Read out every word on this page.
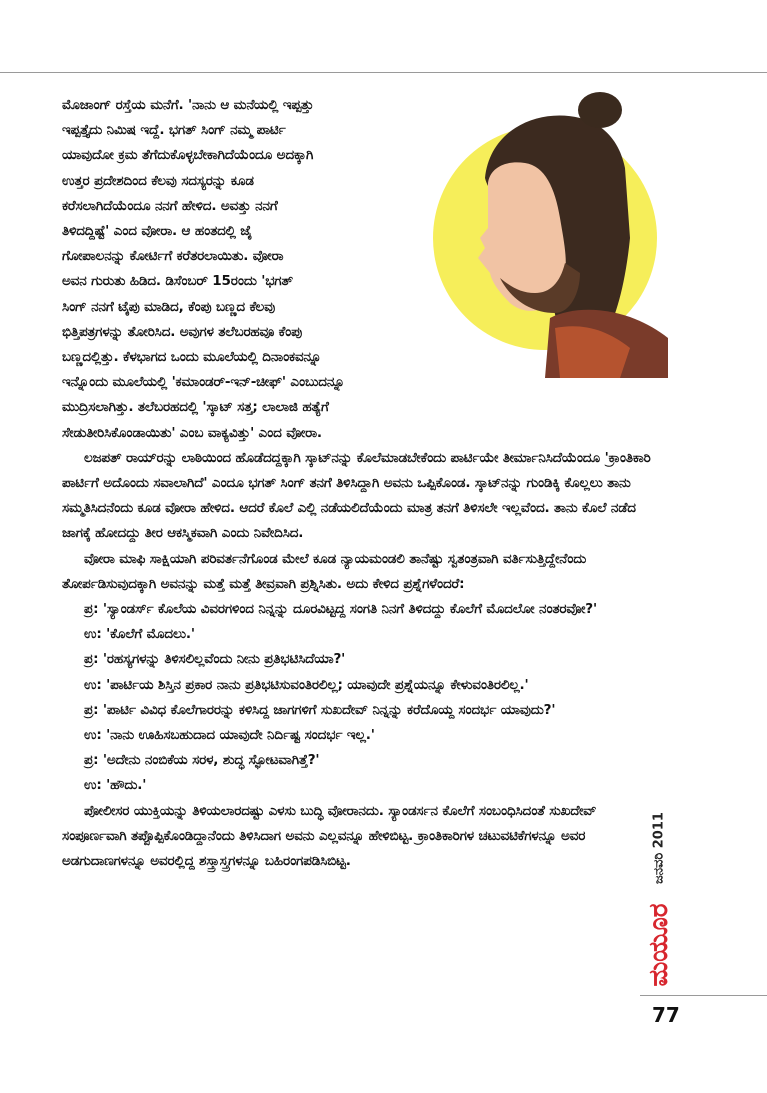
ಮೊಜಾಂಗ್ ರಸ್ತೆಯ ಮನೆಗೆ. 'ನಾನು ಆ ಮನೆಯಲ್ಲಿ ಇಪ್ಪತ್ತು

ಇಪ್ಪತ್ತೈದು ನಿಮಿಷ ಇದ್ದೆ. ಭಗತ್ ಸಿಂಗ್ ನಮ್ಮ ಪಾರ್ಟಿ

ಯಾವುದೋ ಕ್ರಮ ತೆಗೆದುಕೊಳ್ಳಬೇಕಾಗಿದೆಯೆಂದೂ ಅದಕ್ಕಾಗಿ

ಉತ್ತರ ಪ್ರದೇಶದಿಂದ ಕೆಲವು ಸದಸ್ಯರನ್ನು ಕೂಡ

ಕರೆಸಲಾಗಿದೆಯೆಂದೂ ನನಗೆ ಹೇಳಿದ. ಅವತ್ತು ನನಗೆ

ತಿಳಿದದ್ದಿಷ್ಟೆ' ಎಂದ ವೋರಾ. ಆ ಹಂತದಲ್ಲಿ ಜೈ

ಗೋಪಾಲನನ್ನು ಕೋರ್ಟಿಗೆ ಕರೆತರಲಾಯಿತು. ವೋರಾ

ಅವನ ಗುರುತು ಹಿಡಿದ. ಡಿಸೆಂಬರ್ 15ರಂದು 'ಭಗತ್

ಸಿಂಗ್ ನನಗೆ ಟೈಪು ಮಾಡಿದ, ಕೆಂಪು ಬಣ್ಣದ ಕೆಲವು

ಭಿತ್ತಿಪತ್ರಗಳನ್ನು ತೋರಿಸಿದ. ಅವುಗಳ ತಲೆಬರಹವೂ ಕೆಂಪು

ಬಣ್ಣದಲ್ಲಿತ್ತು. ಕೆಳಭಾಗದ ಒಂದು ಮೂಲೆಯಲ್ಲಿ ದಿನಾಂಕವನ್ನೂ

ಇನ್ನೊಂದು ಮೂಲೆಯಲ್ಲಿ 'ಕಮಾಂಡರ್-ಇನ್-ಚೀಫ್' ಎಂಬುದನ್ನೂ

ಮುದ್ರಿಸಲಾಗಿತ್ತು. ತಲೆಬರಹದಲ್ಲಿ 'ಸ್ಕಾಟ್ ಸತ್ತ; ಲಾಲಾಜಿ ಹತ್ಯೆಗೆ

ಸೇಡುತೀರಿಸಿಕೊಂಡಾಯಿತು' ಎಂಬ ವಾಕ್ಯವಿತ್ತು' ಎಂದ ವೋರಾ.

ಲಜಪತ್ ರಾಯ್‌ರನ್ನು ಲಾಠಿಯಿಂದ ಹೊಡೆದದ್ದಕ್ಕಾಗಿ ಸ್ಕಾಟ್‌ನನ್ನು ಕೊಲೆಮಾಡಬೇಕೆಂದು ಪಾರ್ಟಿಯೇ ತೀರ್ಮಾನಿಸಿದೆಯೆಂದೂ 'ಕ್ರಾಂತಿಕಾರಿ ಪಾರ್ಟಿಗೆ ಅದೊಂದು ಸವಾಲಾಗಿದೆ' ಎಂದೂ ಭಗತ್ ಸಿಂಗ್ ತನಗೆ ತಿಳಿಸಿದ್ದಾಗಿ ಅವನು ಒಪ್ಪಿಕೊಂಡ. ಸ್ಕಾಟ್‌ನನ್ನು ಗುಂಡಿಕ್ಕಿ ಕೊಲ್ಲಲು ತಾನು ಸಮ್ಮತಿಸಿದನೆಂದು ಕೂಡ ವೋರಾ ಹೇಳಿದ. ಆದರೆ ಕೊಲೆ ಎಲ್ಲಿ ನಡೆಯಲಿದೆಯೆಂದು ಮಾತ್ರ ತನಗೆ ತಿಳಿಸಲೇ ಇಲ್ಲವೆಂದ. ತಾನು ಕೊಲೆ ನಡೆದ ಜಾಗಕ್ಕೆ ಹೋದದ್ದು ತೀರ ಆಕಸ್ಮಿಕವಾಗಿ ಎಂದು ನಿವೇದಿಸಿದ.

ವೋರಾ ಮಾಫಿ ಸಾಕ್ಷಿಯಾಗಿ ಪರಿವರ್ತನೆಗೊಂಡ ಮೇಲೆ ಕೂಡ ನ್ಯಾಯಮಂಡಲಿ ತಾನೆಷ್ಟು ಸ್ವತಂತ್ರವಾಗಿ ವರ್ತಿಸುತ್ತಿದ್ದೇನೆಂದು ತೋರ್ಪಡಿಸುವುದಕ್ಕಾಗಿ ಅವನನ್ನು ಮತ್ತೆ ಮತ್ತೆ ತೀವ್ರವಾಗಿ ಪ್ರಶ್ನಿಸಿತು. ಅದು ಕೇಳಿದ ಪ್ರಶ್ನೆಗಳೆಂದರೆ:

ಪ್ರ: 'ಸ್ಯಾಂಡರ್ಸ್ ಕೊಲೆಯ ವಿವರಗಳಿಂದ ನಿನ್ನನ್ನು ದೂರವಿಟ್ಟದ್ದ ಸಂಗತಿ ನಿನಗೆ ತಿಳಿದದ್ದು ಕೊಲೆಗೆ ಮೊದಲೋ ನಂತರವೋ?'

ಉ: 'ಕೊಲೆಗೆ ಮೊದಲು.'

ಪ್ರ: 'ರಹಸ್ಯಗಳನ್ನು ತಿಳಿಸಲಿಲ್ಲವೆಂದು ನೀನು ಪ್ರತಿಭಟಿಸಿದೆಯಾ?'

ಉ: 'ಪಾರ್ಟಿಯ ಶಿಸ್ತಿನ ಪ್ರಕಾರ ನಾನು ಪ್ರತಿಭಟಿಸುವಂತಿರಲಿಲ್ಲ; ಯಾವುದೇ ಪ್ರಶ್ನೆಯನ್ನೂ ಕೇಳುವಂತಿರಲಿಲ್ಲ.'

ಪ್ರ: 'ಪಾರ್ಟಿ ವಿವಿಧ ಕೊಲೆಗಾರರನ್ನು ಕಳಿಸಿದ್ದ ಜಾಗಗಳಿಗೆ ಸುಖದೇವ್ ನಿನ್ನನ್ನು ಕರೆದೊಯ್ದ ಸಂದರ್ಭ ಯಾವುದು?'

ಉ: 'ನಾನು ಊಹಿಸಬಹುದಾದ ಯಾವುದೇ ನಿರ್ದಿಷ್ಟ ಸಂದರ್ಭ ಇಲ್ಲ.'

ಪ್ರ: 'ಅದೇನು ನಂಬಿಕೆಯ ಸರಳ, ಶುದ್ಧ ಸ್ಫೋಟವಾಗಿತ್ತೆ?'

ಉ: 'ಹೌದು.'

ಪೋಲೀಸರ ಯುಕ್ತಿಯನ್ನು ತಿಳಿಯಲಾರದಷ್ಟು ಎಳಸು ಬುದ್ಧಿ ವೋರಾನದು. ಸ್ಯಾಂಡರ್ಸನ ಕೊಲೆಗೆ ಸಂಬಂಧಿಸಿದಂತೆ ಸುಖದೇವ್ ಸಂಪೂರ್ಣವಾಗಿ ತಪ್ಪೊಪ್ಪಿಕೊಂಡಿದ್ದಾನೆಂದು ತಿಳಿಸಿದಾಗ ಅವನು ಎಲ್ಲವನ್ನೂ ಹೇಳಿಬಿಟ್ಟ. ಕ್ರಾಂತಿಕಾರಿಗಳ ಚಟುವಟಿಕೆಗಳನ್ನೂ ಅವರ ಅಡಗುದಾಣಗಳನ್ನೂ ಅವರಲ್ಲಿದ್ದ ಶಸ್ತ್ರಾಸ್ತ್ರಗಳನ್ನೂ ಬಹಿರಂಗಪಡಿಸಿಬಿಟ್ಟ.	ಜನವರಿ 2011
ಮಯೂರ
77
